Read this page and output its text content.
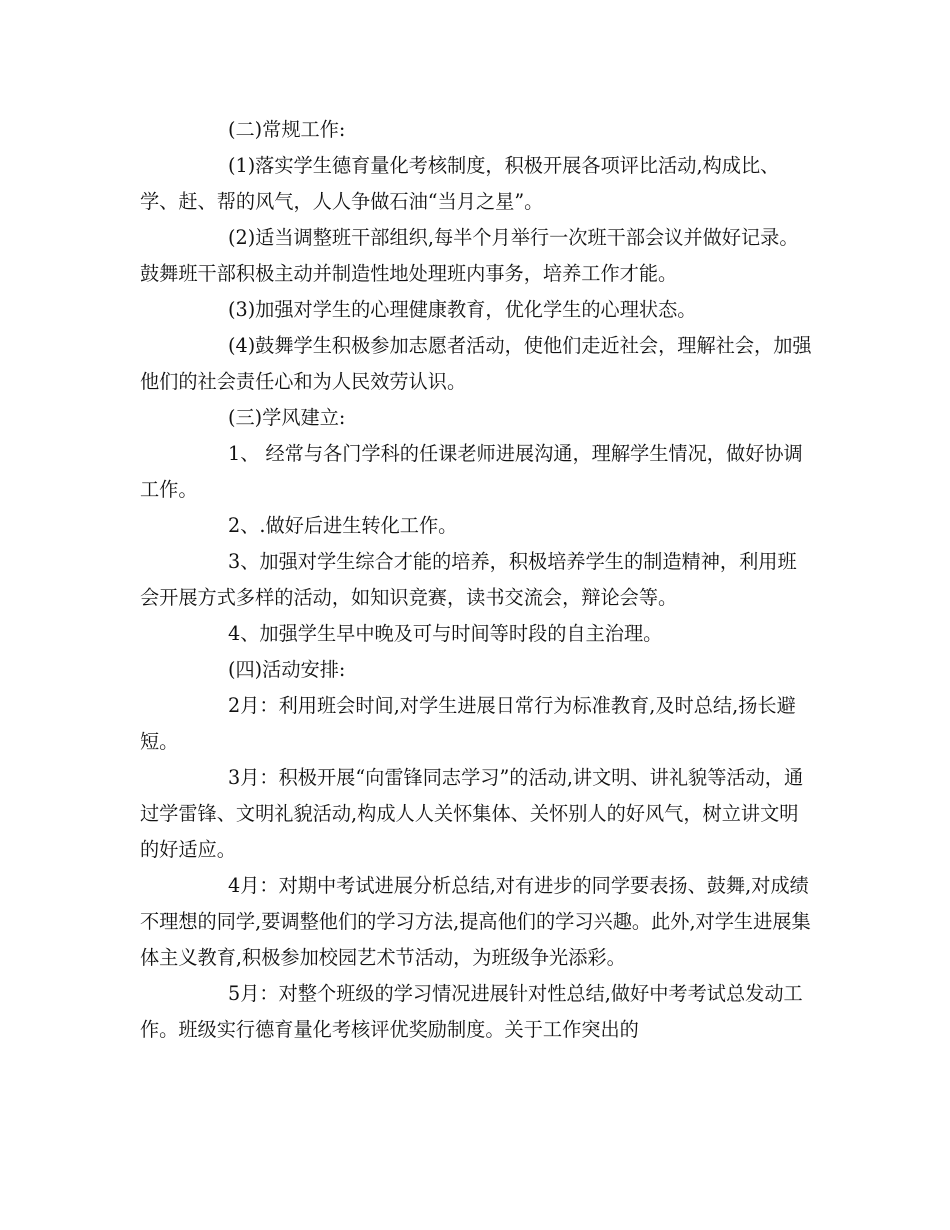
(二)常规工作:

(1)落实学生德育量化考核制度，积极开展各项评比活动,构成比、学、赶、帮的风气，人人争做石油“当月之星”。

(2)适当调整班干部组织,每半个月举行一次班干部会议并做好记录。鼓舞班干部积极主动并制造性地处理班内事务，培养工作才能。

(3)加强对学生的心理健康教育，优化学生的心理状态。

(4)鼓舞学生积极参加志愿者活动，使他们走近社会，理解社会，加强他们的社会责任心和为人民效劳认识。

(三)学风建立:

1、 经常与各门学科的任课老师进展沟通，理解学生情况，做好协调工作。

2、.做好后进生转化工作。

3、加强对学生综合才能的培养，积极培养学生的制造精神，利用班会开展方式多样的活动，如知识竞赛，读书交流会，辩论会等。

4、加强学生早中晚及可与时间等时段的自主治理。

(四)活动安排:

2月：利用班会时间,对学生进展日常行为标准教育,及时总结,扬长避短。

3月：积极开展“向雷锋同志学习”的活动,讲文明、讲礼貌等活动，通过学雷锋、文明礼貌活动,构成人人关怀集体、关怀别人的好风气，树立讲文明的好适应。

4月：对期中考试进展分析总结,对有进步的同学要表扬、鼓舞,对成绩不理想的同学,要调整他们的学习方法,提高他们的学习兴趣。此外,对学生进展集体主义教育,积极参加校园艺术节活动，为班级争光添彩。

5月：对整个班级的学习情况进展针对性总结,做好中考考试总发动工作。班级实行德育量化考核评优奖励制度。关于工作突出的
